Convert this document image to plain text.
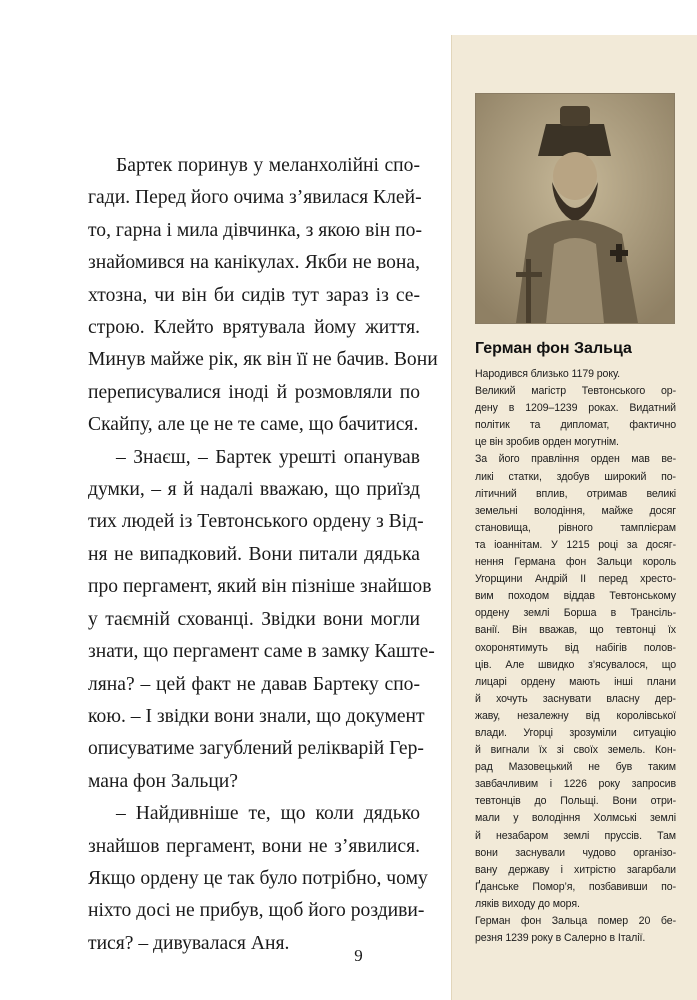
Бартек поринув у меланхолійні спо-
гади. Перед його очима з’явилася Клей-
то, гарна і мила дівчинка, з якою він по-
знайомився на канікулах. Якби не вона,
хтозна, чи він би сидів тут зараз із се-
строю. Клейто врятувала йому життя.
Минув майже рік, як він її не бачив. Вони
переписувалися іноді й розмовляли по
Скайпу, але це не те саме, що бачитися.
– Знаєш, – Бартек урешті опанував
думки, – я й надалі вважаю, що приїзд
тих людей із Тевтонського ордену з Від-
ня не випадковий. Вони питали дядька
про пергамент, який він пізніше знайшов
у таємній схованці. Звідки вони могли
знати, що пергамент саме в замку Каште-
ляна? – цей факт не давав Бартеку спо-
кою. – І звідки вони знали, що документ
описуватиме загублений релікварій Гер-
мана фон Зальци?
– Найдивніше те, що коли дядько
знайшов пергамент, вони не з’явилися.
Якщо ордену це так було потрібно, чому
ніхто досі не прибув, щоб його роздиви-
тися? – дивувалася Аня.
9
Герман фон Зальца
Народився близько 1179 року.
Великий магістр Тевтонського ор-
дену в 1209–1239 роках. Видатний
політик та дипломат, фактично
це він зробив орден могутнім.
За його правління орден мав ве-
ликі статки, здобув широкий по-
літичний вплив, отримав великі
земельні володіння, майже досяг
становища, рівного тамплієрам
та іоаннітам. У 1215 році за досяг-
нення Германа фон Зальци король
Угорщини Андрій II перед хресто-
вим походом віддав Тевтонському
ордену землі Борша в Трансіль-
ванії. Він вважав, що тевтонці їх
охоронятимуть від набігів полов-
ців. Але швидко з’ясувалося, що
лицарі ордену мають інші плани
й хочуть заснувати власну дер-
жаву, незалежну від королівської
влади. Угорці зрозуміли ситуацію
й вигнали їх зі своїх земель. Кон-
рад Мазовецький не був таким
завбачливим і 1226 року запросив
тевтонців до Польщі. Вони отри-
мали у володіння Холмські землі
й незабаром землі пруссів. Там
вони заснували чудово організо-
вану державу і хитрістю загарбали
Ґданське Помор’я, позбавивши по-
ляків виходу до моря.
Герман фон Зальца помер 20 бе-
резня 1239 року в Салерно в Італії.
